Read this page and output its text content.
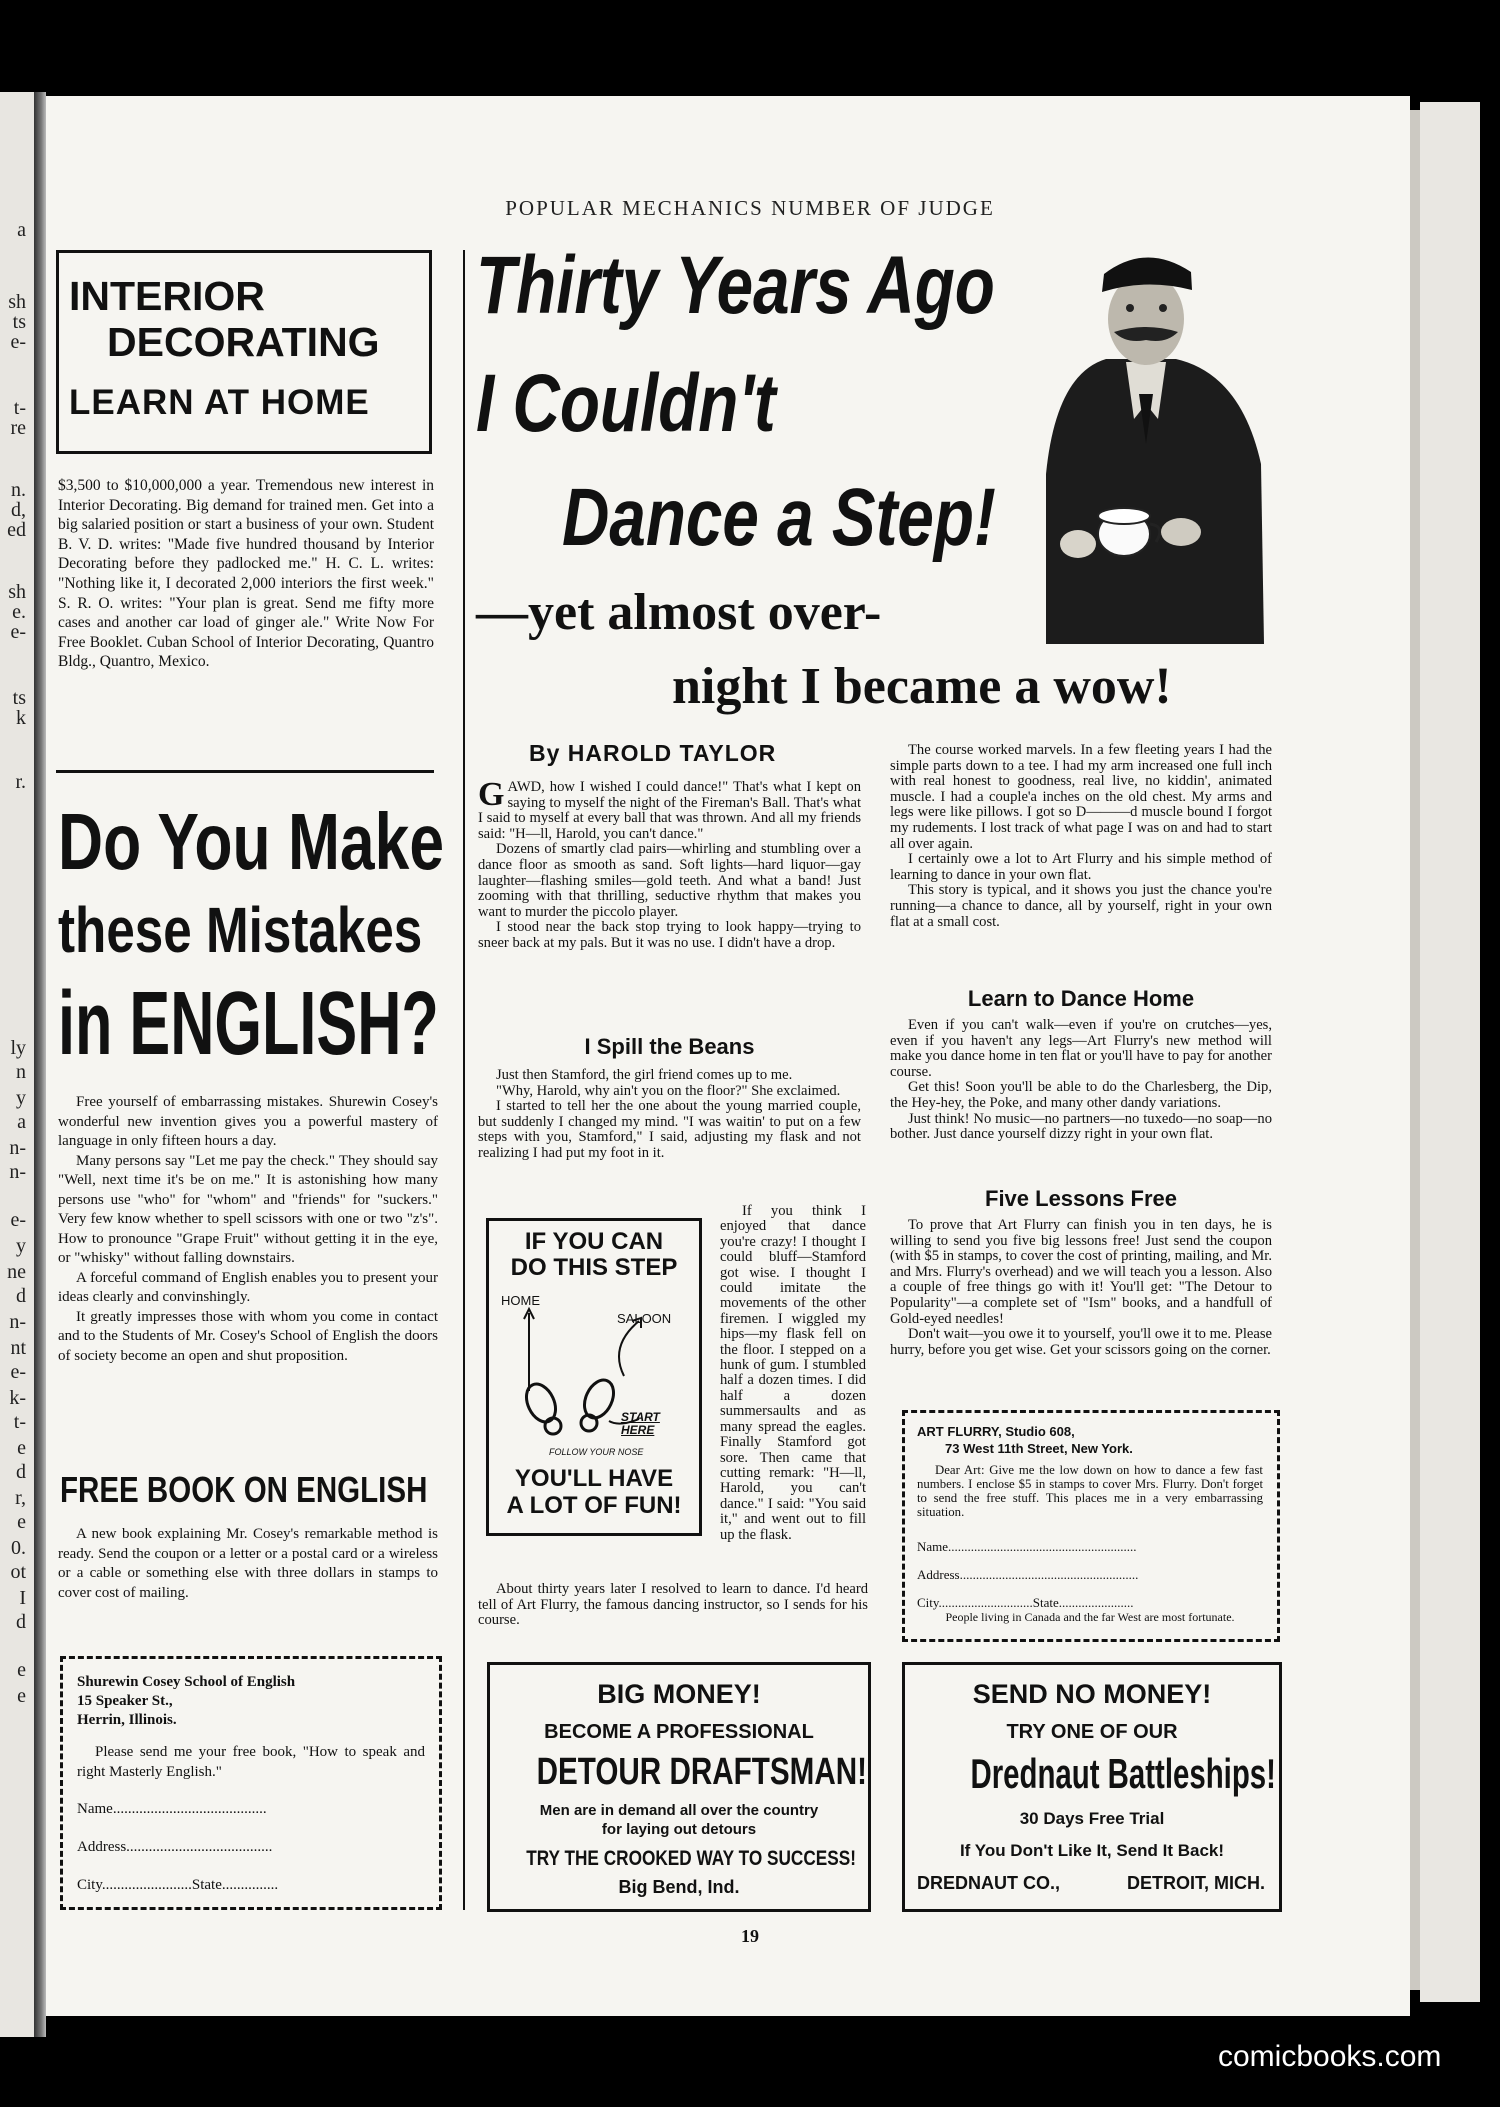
a
sh
ts
e-
t-
re
n.
d,
ed
sh
e.
e-
ts
k
r.
ly
n
y
a
n-
n-
e-
y
ne
d
n-
nt
e-
k-
t-
e
d
r,
e
0.
ot
I
d
e
e
POPULAR MECHANICS NUMBER OF JUDGE
INTERIOR
DECORATING
LEARN AT HOME
$3,500 to $10,000,000 a year. Tremendous new interest in Interior Decorating. Big demand for trained men. Get into a big salaried position or start a business of your own. Student B. V. D. writes: "Made five hundred thousand by Interior Decorating before they padlocked me." H. C. L. writes: "Nothing like it, I decorated 2,000 interiors the first week." S. R. O. writes: "Your plan is great. Send me fifty more cases and another car load of ginger ale." Write Now For Free Booklet. Cuban School of Interior Decorating, Quantro Bldg., Quantro, Mexico.
Do You Make
these Mistakes
in ENGLISH?

Free yourself of embarrassing mistakes. Shurewin Cosey's wonderful new invention gives you a powerful mastery of language in only fifteen hours a day.

Many persons say "Let me pay the check." They should say "Well, next time it's be on me." It is astonishing how many persons use "who" for "whom" and "friends" for "suckers." Very few know whether to spell scissors with one or two "z's". How to pronounce "Grape Fruit" without getting it in the eye, or "whisky" without falling downstairs.

A forceful command of English enables you to present your ideas clearly and convinshingly.

It greatly impresses those with whom you come in contact and to the Students of Mr. Cosey's School of English the doors of society become an open and shut proposition.

FREE BOOK ON ENGLISH

A new book explaining Mr. Cosey's remarkable method is ready. Send the coupon or a letter or a postal card or a wireless or a cable or something else with three dollars in stamps to cover cost of mailing.

Shurewin Cosey School of English
15 Speaker St.,
Herrin, Illinois.

Please send me your free book, "How to speak and right Masterly English."

Name.........................................
Address.......................................
City........................State...............
Thirty Years Ago
I Couldn't
Dance a Step!
—yet almost over-
night I became a wow!
By HAROLD TAYLOR

GAWD, how I wished I could dance!" That's what I kept on saying to myself the night of the Fireman's Ball. That's what I said to myself at every ball that was thrown. And all my friends said: "H—ll, Harold, you can't dance."

Dozens of smartly clad pairs—whirling and stumbling over a dance floor as smooth as sand. Soft lights—hard liquor—gay laughter—flashing smiles—gold teeth. And what a band! Just zooming with that thrilling, seductive rhythm that makes you want to murder the piccolo player.

I stood near the back stop trying to look happy—trying to sneer back at my pals. But it was no use. I didn't have a drop.

I Spill the Beans

Just then Stamford, the girl friend comes up to me.

"Why, Harold, why ain't you on the floor?" She exclaimed.

I started to tell her the one about the young married couple, but suddenly I changed my mind. "I was waitin' to put on a few steps with you, Stamford," I said, adjusting my flask and not realizing I had put my foot in it.

IF YOU CAN
DO THIS STEP
HOME
SALOON
START HERE
FOLLOW YOUR NOSE
YOU'LL HAVE
A LOT OF FUN!
If you think I enjoyed that dance you're crazy! I thought I could bluff—Stamford got wise. I thought I could imitate the movements of the other firemen. I wiggled my hips—my flask fell on the floor. I stepped on a hunk of gum. I stumbled half a dozen times. I did half a dozen summersaults and as many spread the eagles. Finally Stamford got sore. Then came that cutting remark: "H—ll, Harold, you can't dance." I said: "You said it," and went out to fill up the flask.

About thirty years later I resolved to learn to dance. I'd heard tell of Art Flurry, the famous dancing instructor, so I sends for his course.

The course worked marvels. In a few fleeting years I had the simple parts down to a tee. I had my arm increased one full inch with real honest to goodness, real live, no kiddin', animated muscle. I had a couple'a inches on the old chest. My arms and legs were like pillows. I got so D———d muscle bound I forgot my rudements. I lost track of what page I was on and had to start all over again.

I certainly owe a lot to Art Flurry and his simple method of learning to dance in your own flat.

This story is typical, and it shows you just the chance you're running—a chance to dance, all by yourself, right in your own flat at a small cost.

Learn to Dance Home

Even if you can't walk—even if you're on crutches—yes, even if you haven't any legs—Art Flurry's new method will make you dance home in ten flat or you'll have to pay for another course.

Get this! Soon you'll be able to do the Charlesberg, the Dip, the Hey-hey, the Poke, and many other dandy variations.

Just think! No music—no partners—no tuxedo—no soap—no bother. Just dance yourself dizzy right in your own flat.

Five Lessons Free

To prove that Art Flurry can finish you in ten days, he is willing to send you five big lessons free! Just send the coupon (with $5 in stamps, to cover the cost of printing, mailing, and Mr. and Mrs. Flurry's overhead) and we will teach you a lesson. Also a couple of free things go with it! You'll get: "The Detour to Popularity"—a complete set of "Ism" books, and a handfull of Gold-eyed needles!

Don't wait—you owe it to yourself, you'll owe it to me. Please hurry, before you get wise. Get your scissors going on the corner.

ART FLURRY, Studio 608,
73 West 11th Street, New York.

Dear Art: Give me the low down on how to dance a few fast numbers. I enclose $5 in stamps to cover Mrs. Flurry. Don't forget to send the free stuff. This places me in a very embarrassing situation.

Name..........................................................
Address.......................................................
City.............................State.......................
People living in Canada and the far West are most fortunate.
BIG MONEY!
BECOME A PROFESSIONAL
DETOUR DRAFTSMAN!
Men are in demand all over the country
for laying out detours
TRY THE CROOKED WAY TO SUCCESS!
Big Bend, Ind.
SEND NO MONEY!
TRY ONE OF OUR
Drednaut Battleships!
30 Days Free Trial
If You Don't Like It, Send It Back!
DREDNAUT CO.,	DETROIT, MICH.
19
comicbooks.com
